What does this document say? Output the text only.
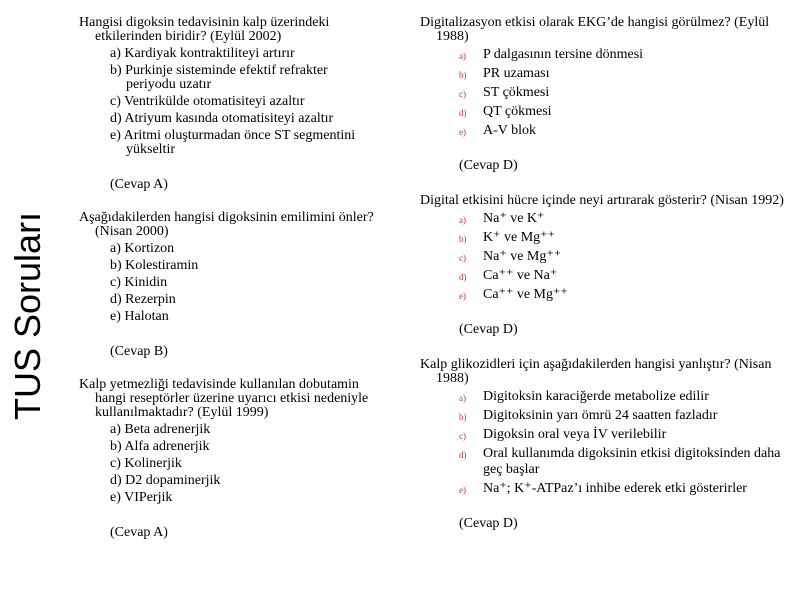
TUS Soruları
Hangisi digoksin tedavisinin kalp üzerindeki etkilerinden biridir? (Eylül 2002)
a) Kardiyak kontraktiliteyi artırır
b) Purkinje sisteminde efektif refrakter periyodu uzatır
c) Ventrikülde otomatisiteyi azaltır
d) Atriyum kasında otomatisiteyi azaltır
e) Aritmi oluşturmadan önce ST segmentini yükseltir
(Cevap A)
Aşağıdakilerden hangisi digoksinin emilimini önler? (Nisan 2000)
a) Kortizon
b) Kolestiramin
c) Kinidin
d) Rezerpin
e) Halotan
(Cevap B)
Kalp yetmezliği tedavisinde kullanılan dobutamin hangi reseptörler üzerine uyarıcı etkisi nedeniyle kullanılmaktadır? (Eylül 1999)
a) Beta adrenerjik
b) Alfa adrenerjik
c) Kolinerjik
d) D2 dopaminerjik
e) VIPerjik
(Cevap A)
Digitalizasyon etkisi olarak EKG’de hangisi görülmez? (Eylül 1988)
a) P dalgasının tersine dönmesi
b) PR uzaması
c) ST çökmesi
d) QT çökmesi
e) A-V blok
(Cevap D)
Digital etkisini hücre içinde neyi artırarak gösterir? (Nisan 1992)
a) Na⁺ ve K⁺
b) K⁺ ve Mg⁺⁺
c) Na⁺ ve Mg⁺⁺
d) Ca⁺⁺ ve Na⁺
e) Ca⁺⁺ ve Mg⁺⁺
(Cevap D)
Kalp glikozidleri için aşağıdakilerden hangisi yanlıştır? (Nisan 1988)
a) Digitoksin karaciğerde metabolize edilir
b) Digitoksinin yarı ömrü 24 saatten fazladır
c) Digoksin oral veya İV verilebilir
d) Oral kullanımda digoksinin etkisi digitoksinden daha geç başlar
e) Na⁺; K⁺-ATPaz’ı inhibe ederek etki gösterirler
(Cevap D)
